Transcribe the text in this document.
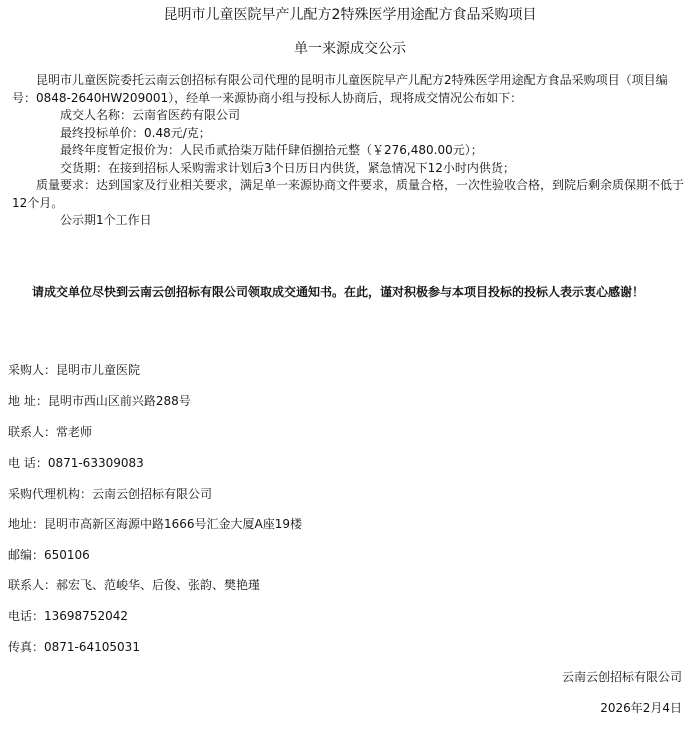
昆明市儿童医院早产儿配方2特殊医学用途配方食品采购项目
单一来源成交公示
昆明市儿童医院委托云南云创招标有限公司代理的昆明市儿童医院早产儿配方2特殊医学用途配方食品采购项目（项目编号：0848-2640HW209001），经单一来源协商小组与投标人协商后，现将成交情况公布如下：
成交人名称：云南省医药有限公司
最终投标单价：0.48元/克；
最终年度暂定报价为：人民币贰拾柒万陆仟肆佰捌拾元整（￥276,480.00元）；
交货期：在接到招标人采购需求计划后3个日历日内供货，紧急情况下12小时内供货；
质量要求：达到国家及行业相关要求，满足单一来源协商文件要求，质量合格，一次性验收合格，到院后剩余质保期不低于12个月。
公示期1个工作日
请成交单位尽快到云南云创招标有限公司领取成交通知书。在此，谨对积极参与本项目投标的投标人表示衷心感谢！
采购人：昆明市儿童医院
地 址：昆明市西山区前兴路288号
联系人：常老师
电 话：0871-63309083
采购代理机构：云南云创招标有限公司
地址：昆明市高新区海源中路1666号汇金大厦A座19楼
邮编：650106
联系人：郝宏飞、范峻华、后俊、张韵、樊艳瑾
电话：13698752042
传真：0871-64105031
云南云创招标有限公司
2026年2月4日
